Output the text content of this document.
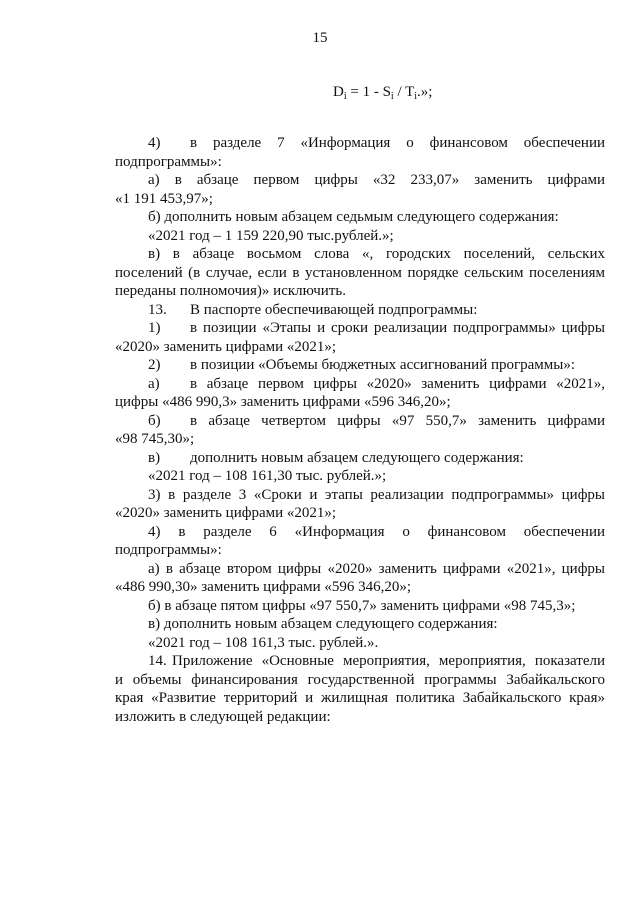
15
$D_i = 1 - S_i / T_i$.»;
4) в разделе 7 «Информация о финансовом обеспечении
подпрограммы»:
а) в абзаце первом цифры «32 233,07» заменить цифрами
«1 191 453,97»;
б) дополнить новым абзацем седьмым следующего содержания:
«2021 год – 1 159 220,90 тыс.рублей.»;
в) в абзаце восьмом слова «, городских поселений, сельских
поселений (в случае, если в установленном порядке сельским поселениям
переданы полномочия)» исключить.
13. В паспорте обеспечивающей подпрограммы:
1) в позиции «Этапы и сроки реализации подпрограммы» цифры
«2020» заменить цифрами «2021»;
2) в позиции «Объемы бюджетных ассигнований программы»:
а) в абзаце первом цифры «2020» заменить цифрами «2021»,
цифры «486 990,3» заменить цифрами «596 346,20»;
б) в абзаце четвертом цифры «97 550,7» заменить цифрами
«98 745,30»;
в) дополнить новым абзацем следующего содержания:
«2021 год – 108 161,30 тыс. рублей.»;
3) в разделе 3 «Сроки и этапы реализации подпрограммы» цифры
«2020» заменить цифрами «2021»;
4) в разделе 6 «Информация о финансовом обеспечении
подпрограммы»:
а) в абзаце втором цифры «2020» заменить цифрами «2021», цифры
«486 990,30» заменить цифрами «596 346,20»;
б) в абзаце пятом цифры «97 550,7» заменить цифрами «98 745,3»;
в) дополнить новым абзацем следующего содержания:
«2021 год – 108 161,3 тыс. рублей.».
14. Приложение «Основные мероприятия, мероприятия, показатели
и объемы финансирования государственной программы Забайкальского
края «Развитие территорий и жилищная политика Забайкальского края»
изложить в следующей редакции:
